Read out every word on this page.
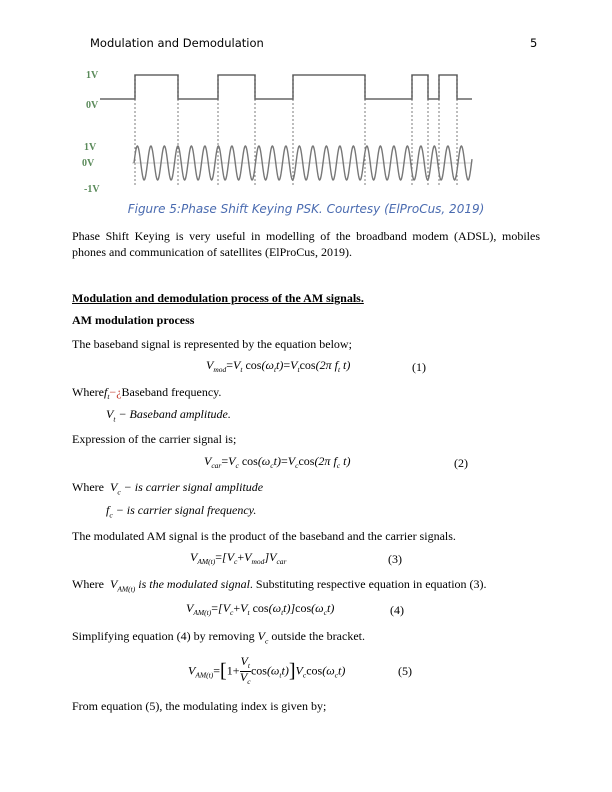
Modulation and Demodulation	5
1V
0V
1V
0V
-1V
Figure 5:Phase Shift Keying PSK. Courtesy (ElProCus, 2019)
Phase Shift Keying is very useful in modelling of the broadband modem (ADSL), mobiles phones and communication of satellites (ElProCus, 2019).
Modulation and demodulation process of the AM signals.
AM modulation process
The baseband signal is represented by the equation below;
$V_{mod}=V_t$ $\cos(\omega_tt)=V_t\cos(2\pi$ $f_t$ t)	(1)
Wheref$_t$−¿Baseband frequency.
$V_t$ − Baseband amplitude.
Expression of the carrier signal is;
$V_{car}=V_c$ $\cos(\omega_ct)=V_c\cos(2\pi$ $f_c$ t)	(2)
Where $V_c$ − is carrier signal amplitude
$f_c$ − is carrier signal frequency.
The modulated AM signal is the product of the baseband and the carrier signals.
$V_{AM(t)}=[V_c+V_{mod}]V_{car}$	(3)
Where $V_{AM(t)}$ is the modulated signal. Substituting respective equation in equation (3).
$V_{AM(t)}=[V_c+V_t$ $\cos(\omega_tt)]\cos(\omega_ct)$	(4)
Simplifying equation (4) by removing $V_c$ outside the bracket.
$V_{AM(t)}=[1+ \frac{V_t}{V_c} \cos(\omega_tt)]V_c\cos(\omega_ct)$	(5)
From equation (5), the modulating index is given by;
